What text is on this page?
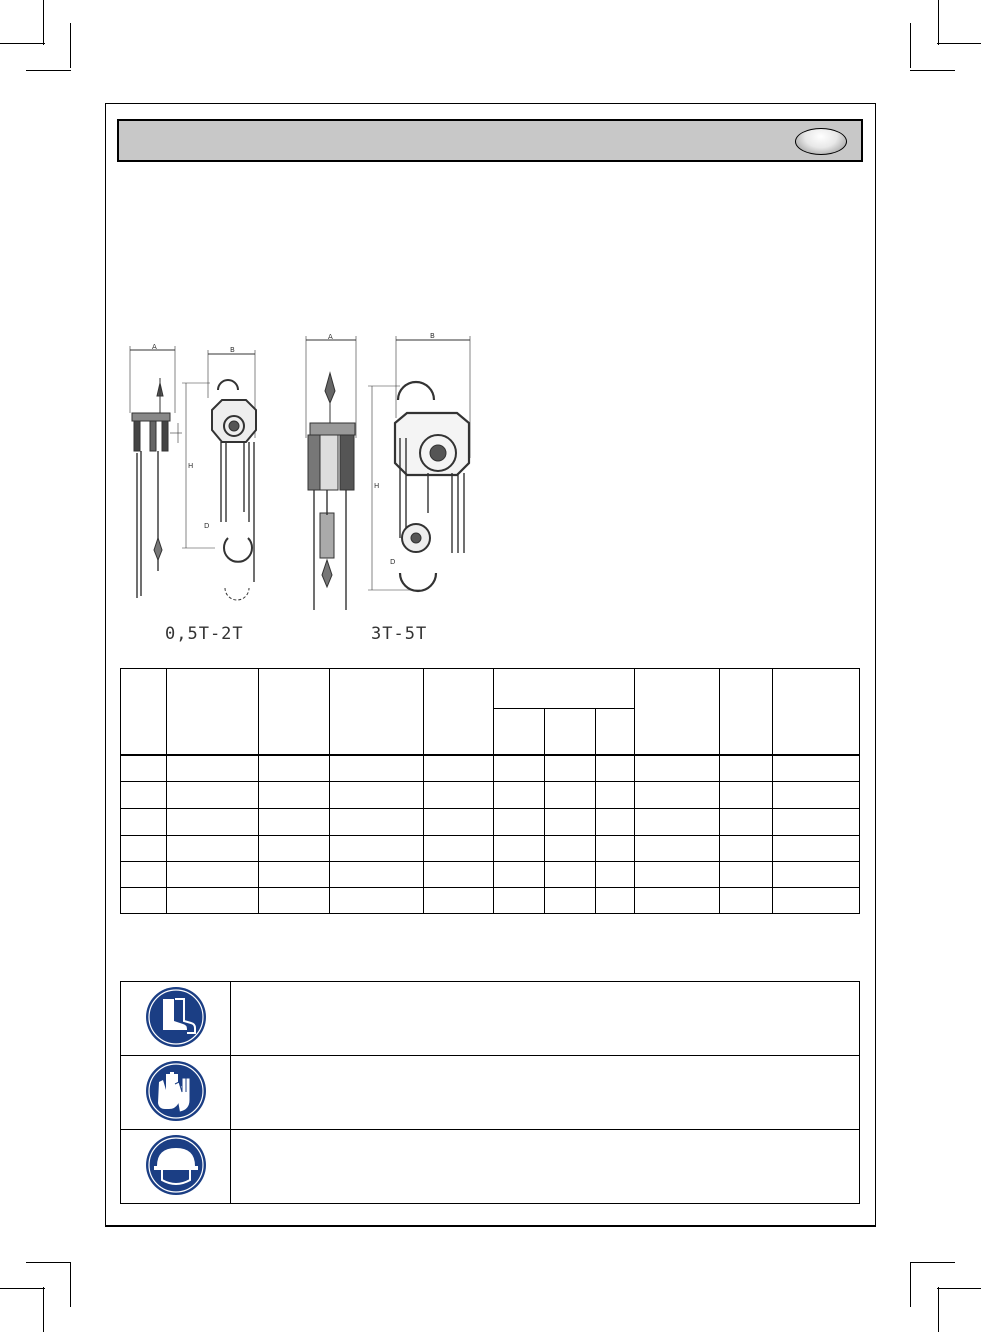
A	B
H
D
A	B
H
D
0,5T-2T	3T-5T
